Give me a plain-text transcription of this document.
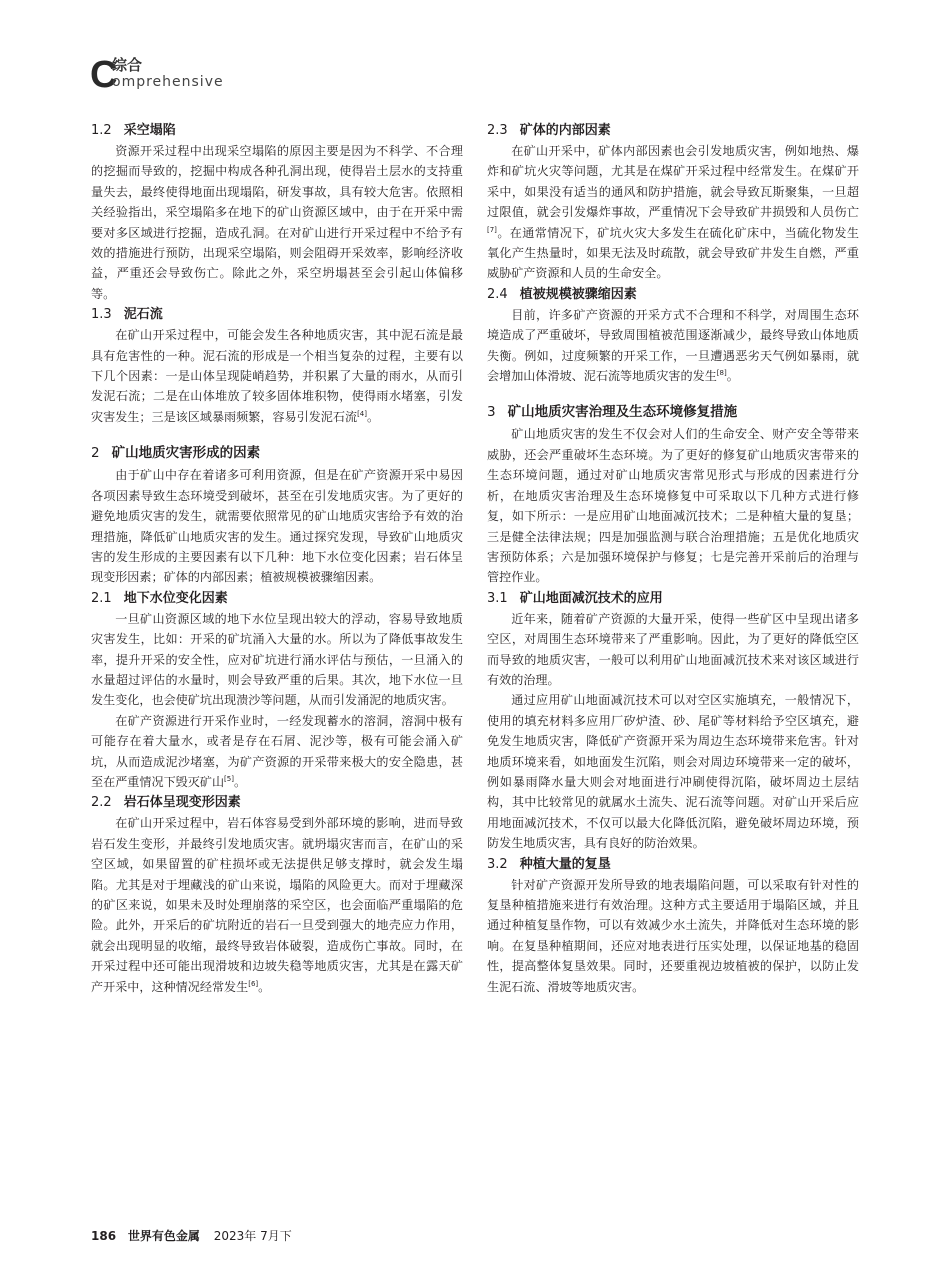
C
综合
omprehensive
1.2 采空塌陷

资源开采过程中出现采空塌陷的原因主要是因为不科学、不合理的挖掘而导致的，挖掘中构成各种孔洞出现，使得岩土层水的支持重量失去，最终使得地面出现塌陷，研发事故，具有较大危害。依照相关经验指出，采空塌陷多在地下的矿山资源区域中，由于在开采中需要对多区域进行挖掘，造成孔洞。在对矿山进行开采过程中不给予有效的措施进行预防，出现采空塌陷，则会阻碍开采效率，影响经济收益，严重还会导致伤亡。除此之外，采空坍塌甚至会引起山体偏移等。

1.3 泥石流

在矿山开采过程中，可能会发生各种地质灾害，其中泥石流是最具有危害性的一种。泥石流的形成是一个相当复杂的过程，主要有以下几个因素：一是山体呈现陡峭趋势，并积累了大量的雨水，从而引发泥石流；二是在山体堆放了较多固体堆积物，使得雨水堵塞，引发灾害发生；三是该区域暴雨频繁，容易引发泥石流[4]。

2 矿山地质灾害形成的因素

由于矿山中存在着诸多可利用资源，但是在矿产资源开采中易因各项因素导致生态环境受到破坏，甚至在引发地质灾害。为了更好的避免地质灾害的发生，就需要依照常见的矿山地质灾害给予有效的治理措施，降低矿山地质灾害的发生。通过探究发现，导致矿山地质灾害的发生形成的主要因素有以下几种：地下水位变化因素；岩石体呈现变形因素；矿体的内部因素；植被规模被骤缩因素。

2.1 地下水位变化因素

一旦矿山资源区域的地下水位呈现出较大的浮动，容易导致地质灾害发生，比如：开采的矿坑涌入大量的水。所以为了降低事故发生率，提升开采的安全性，应对矿坑进行涌水评估与预估，一旦涌入的水量超过评估的水量时，则会导致严重的后果。其次，地下水位一旦发生变化，也会使矿坑出现溃沙等问题，从而引发涌泥的地质灾害。

在矿产资源进行开采作业时，一经发现蓄水的溶洞，溶洞中极有可能存在着大量水，或者是存在石屑、泥沙等，极有可能会涌入矿坑，从而造成泥沙堵塞，为矿产资源的开采带来极大的安全隐患，甚至在严重情况下毁灭矿山[5]。

2.2 岩石体呈现变形因素

在矿山开采过程中，岩石体容易受到外部环境的影响，进而导致岩石发生变形，并最终引发地质灾害。就坍塌灾害而言，在矿山的采空区域，如果留置的矿柱损坏或无法提供足够支撑时，就会发生塌陷。尤其是对于埋藏浅的矿山来说，塌陷的风险更大。而对于埋藏深的矿区来说，如果未及时处理崩落的采空区，也会面临严重塌陷的危险。此外，开采后的矿坑附近的岩石一旦受到强大的地壳应力作用，就会出现明显的收缩，最终导致岩体破裂，造成伤亡事故。同时，在开采过程中还可能出现滑坡和边坡失稳等地质灾害，尤其是在露天矿产开采中，这种情况经常发生[6]。

2.3 矿体的内部因素

在矿山开采中，矿体内部因素也会引发地质灾害，例如地热、爆炸和矿坑火灾等问题，尤其是在煤矿开采过程中经常发生。在煤矿开采中，如果没有适当的通风和防护措施，就会导致瓦斯聚集，一旦超过限值，就会引发爆炸事故，严重情况下会导致矿井损毁和人员伤亡[7]。在通常情况下，矿坑火灾大多发生在硫化矿床中，当硫化物发生氧化产生热量时，如果无法及时疏散，就会导致矿井发生自燃，严重威胁矿产资源和人员的生命安全。

2.4 植被规模被骤缩因素

目前，许多矿产资源的开采方式不合理和不科学，对周围生态环境造成了严重破坏，导致周围植被范围逐渐减少，最终导致山体地质失衡。例如，过度频繁的开采工作，一旦遭遇恶劣天气例如暴雨，就会增加山体滑坡、泥石流等地质灾害的发生[8]。

3 矿山地质灾害治理及生态环境修复措施

矿山地质灾害的发生不仅会对人们的生命安全、财产安全等带来威胁，还会严重破坏生态环境。为了更好的修复矿山地质灾害带来的生态环境问题，通过对矿山地质灾害常见形式与形成的因素进行分析，在地质灾害治理及生态环境修复中可采取以下几种方式进行修复，如下所示：一是应用矿山地面减沉技术；二是种植大量的复垦；三是健全法律法规；四是加强监测与联合治理措施；五是优化地质灾害预防体系；六是加强环境保护与修复；七是完善开采前后的治理与管控作业。

3.1 矿山地面减沉技术的应用

近年来，随着矿产资源的大量开采，使得一些矿区中呈现出诸多空区，对周围生态环境带来了严重影响。因此，为了更好的降低空区而导致的地质灾害，一般可以利用矿山地面减沉技术来对该区域进行有效的治理。

通过应用矿山地面减沉技术可以对空区实施填充，一般情况下，使用的填充材料多应用厂矽炉渣、砂、尾矿等材料给予空区填充，避免发生地质灾害，降低矿产资源开采为周边生态环境带来危害。针对地质环境来看，如地面发生沉陷，则会对周边环境带来一定的破坏，例如暴雨降水量大则会对地面进行冲刷使得沉陷，破坏周边土层结构，其中比较常见的就属水土流失、泥石流等问题。对矿山开采后应用地面减沉技术，不仅可以最大化降低沉陷，避免破坏周边环境，预防发生地质灾害，具有良好的防治效果。

3.2 种植大量的复垦

针对矿产资源开发所导致的地表塌陷问题，可以采取有针对性的复垦种植措施来进行有效治理。这种方式主要适用于塌陷区域，并且通过种植复垦作物，可以有效减少水土流失，并降低对生态环境的影响。在复垦种植期间，还应对地表进行压实处理，以保证地基的稳固性，提高整体复垦效果。同时，还要重视边坡植被的保护，以防止发生泥石流、滑坡等地质灾害。

186 世界有色金属 2023年 7月下
